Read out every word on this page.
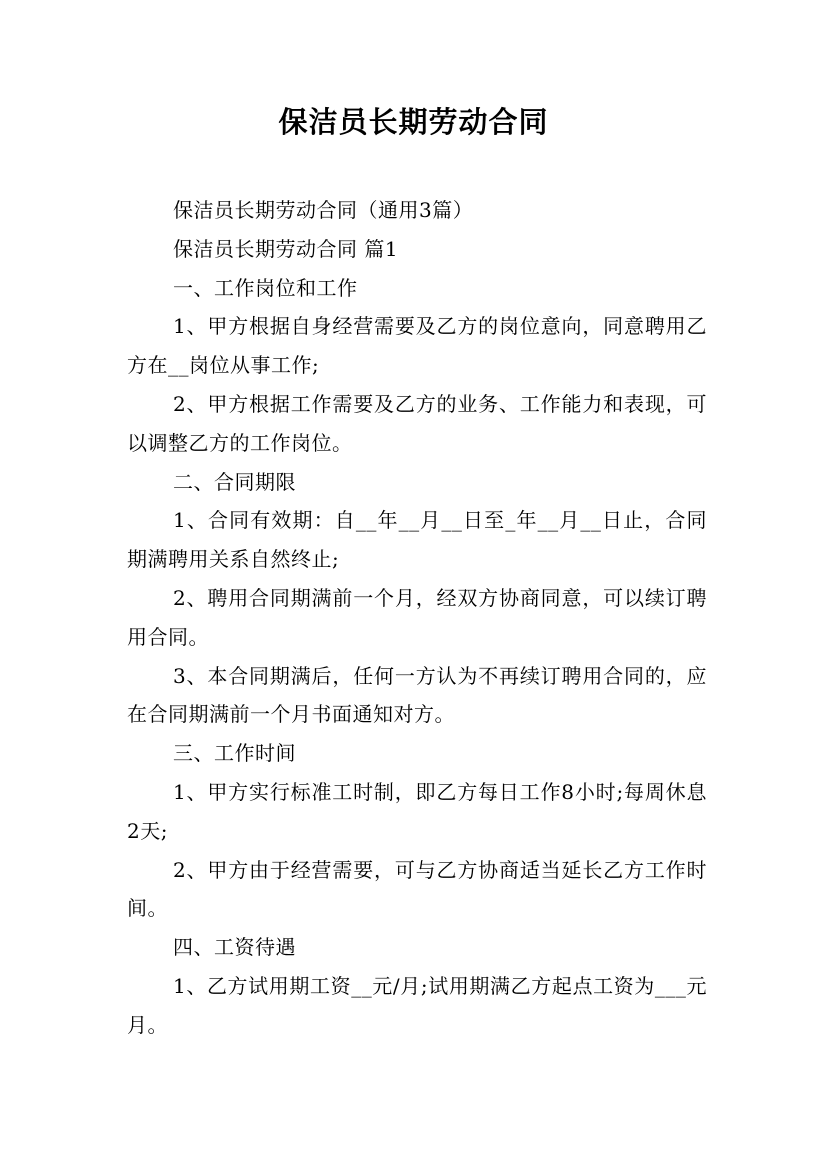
保洁员长期劳动合同

保洁员长期劳动合同（通用3篇）

保洁员长期劳动合同 篇1

一、工作岗位和工作

1、甲方根据自身经营需要及乙方的岗位意向，同意聘用乙方在__岗位从事工作;

2、甲方根据工作需要及乙方的业务、工作能力和表现，可以调整乙方的工作岗位。

二、合同期限

1、合同有效期：自__年__月__日至_年__月__日止，合同期满聘用关系自然终止;

2、聘用合同期满前一个月，经双方协商同意，可以续订聘用合同。

3、本合同期满后，任何一方认为不再续订聘用合同的，应在合同期满前一个月书面通知对方。

三、工作时间

1、甲方实行标准工时制，即乙方每日工作8小时;每周休息2天;

2、甲方由于经营需要，可与乙方协商适当延长乙方工作时间。

四、工资待遇

1、乙方试用期工资__元/月;试用期满乙方起点工资为___元月。
